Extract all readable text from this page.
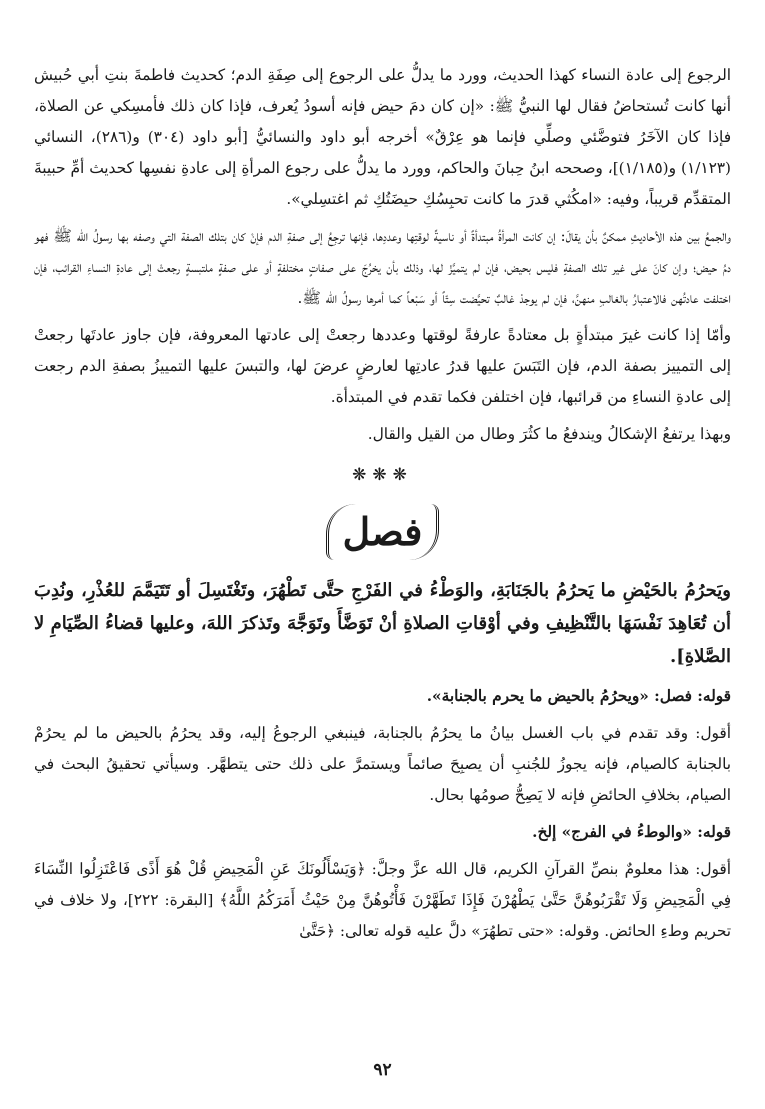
الرجوع إلى عادة النساء كهذا الحديث، وورد ما يدلُّ على الرجوع إلى صِفَةِ الدم؛ كحديث فاطمةَ بنتِ أبي حُبيش أنها كانت تُستحاضُ فقال لها النبيُّ ﷺ: «إن كان دمَ حيض فإنه أسودُ يُعرف، فإذا كان ذلك فأمسِكي عن الصلاة، فإذا كان الآخَرُ فتوضَّئي وصلِّي فإنما هو عِرْقٌ» أخرجه أبو داود والنسائيُّ [أبو داود (٣٠٤) و(٢٨٦)، النسائي (١/١٢٣) و(١/١٨٥)]، وصححه ابنُ حِبانَ والحاكم، وورد ما يدلُّ على رجوع المرأةِ إلى عادةِ نفسِها كحديث أمِّ حبيبةَ المتقدِّم قريباً، وفيه: «امكُثي قدرَ ما كانت تحبِسُكِ حيضَتُكِ ثم اغتسِلي».

والجمعُ بين هذه الأحاديثِ ممكنٌ بأن يقالَ: إن كانت المرأةُ مبتدأةً أو ناسيةً لوقتِها وعددِها، فإنها ترجِعُ إلى صفةِ الدم فإنْ كان بتلك الصفة التي وصفه بها رسولُ الله ﷺ فهو دمُ حيض؛ وإن كانَ على غير تلك الصفةِ فليس بحيض، فإن لم يتميَّزْ لها، وذلك بأن يخرُجَ على صفاتٍ مختلفةٍ أو على صفةٍ ملتبسةٍ رجعتْ إلى عادةِ النساءِ القرائب، فإن اختلفت عادتُهن فالاعتبارُ بالغالبِ منهنَّ، فإن لم يوجدْ غالبٌ تحيَّضت سِتّاً أو سَبْعاً كما أمرها رسولُ الله ﷺ.

وأمّا إذا كانت غيرَ مبتدأةٍ بل معتادةً عارفةً لوقتها وعددها رجعتْ إلى عادتها المعروفة، فإن جاوز عادتَها رجعتْ إلى التمييز بصفة الدم، فإن التَبَسَ عليها قدرُ عادتِها لعارضٍ عرضَ لها، والتبسَ عليها التمييزُ بصفةِ الدم رجعت إلى عادةِ النساءِ من قرائبها، فإن اختلفن فكما تقدم في المبتدأة.

وبهذا يرتفعُ الإشكالُ ويندفعُ ما كثُرَ وطال من القيل والقال.

❋❋❋
فصل

ويَحرُمُ بالحَيْضِ ما يَحرُمُ بالجَنَابَةِ، والوَطْءُ في الفَرْجِ حتَّى تَطْهُرَ، وتَغْتَسِلَ أو تَتَيَمَّمَ للعُذْرِ، ونُدِبَ أن تُعَاهِدَ نَفْسَهَا بالتَّنْظِيفِ وفي أوْقاتِ الصلاةِ أنْ تَوَضَّأَ وتَوَجَّهَ وتَذكرَ اللهَ، وعليها قضاءُ الصِّيَامِ لا الصَّلاةِ].

قوله: فصل: «ويحرُمُ بالحيض ما يحرم بالجنابة».

أقول: وقد تقدم في باب الغسل بيانُ ما يحرُمُ بالجنابة، فينبغي الرجوعُ إليه، وقد يحرُمُ بالحيض ما لم يحرُمْ بالجنابة كالصيام، فإنه يجوزُ للجُنبِ أن يصبِحَ صائماً ويستمرَّ على ذلك حتى يتطهَّر. وسيأتي تحقيقُ البحث في الصيام، بخلافِ الحائضِ فإنه لا يَصِحُّ صومُها بحال.

قوله: «والوطءُ في الفرج» إلخ.

أقول: هذا معلومٌ بنصِّ القرآنِ الكريم، قال الله عزَّ وجلَّ: ﴿وَيَسْأَلُونَكَ عَنِ الْمَحِيضِ قُلْ هُوَ أَذًى فَاعْتَزِلُوا النِّسَاءَ فِي الْمَحِيضِ وَلَا تَقْرَبُوهُنَّ حَتَّىٰ يَطْهُرْنَ فَإِذَا تَطَهَّرْنَ فَأْتُوهُنَّ مِنْ حَيْثُ أَمَرَكُمُ اللَّهُ﴾ [البقرة: ٢٢٢]، ولا خلاف في تحريم وطءِ الحائض. وقوله: «حتى تطهُرَ» دلَّ عليه قوله تعالى: ﴿حَتَّىٰ

٩٢
